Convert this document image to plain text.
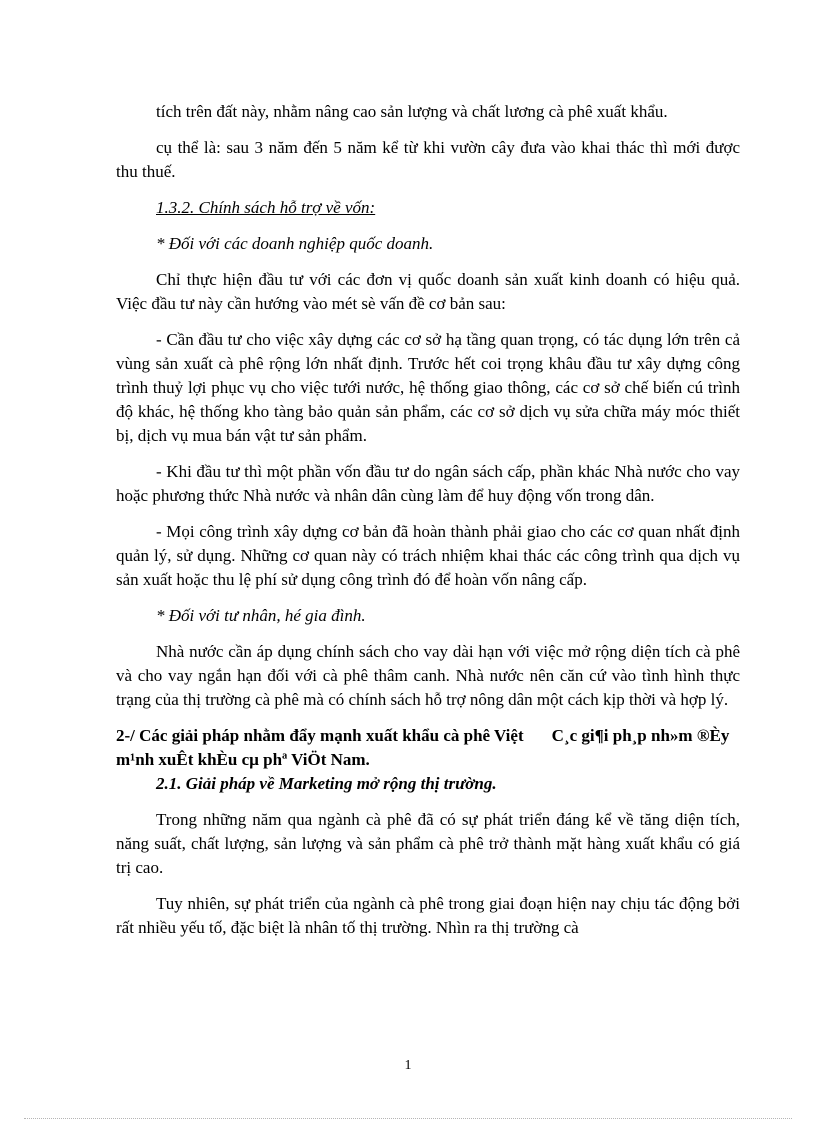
tích trên đất này, nhằm nâng cao sản lượng và chất lương cà phê xuất khẩu.

cụ thể là: sau 3 năm đến 5 năm kể từ khi vườn cây đưa vào khai thác thì mới được thu thuế.

1.3.2. Chính sách hỗ trợ về vốn:

* Đối với các doanh nghiệp quốc doanh.

Chỉ thực hiện đầu tư với các đơn vị quốc doanh sản xuất kinh doanh có hiệu quả. Việc đầu tư này cần hướng vào mét sè vấn đề cơ bản sau:

- Cần đầu tư cho việc xây dựng các cơ sở hạ tầng quan trọng, có tác dụng lớn trên cả vùng sản xuất cà phê rộng lớn nhất định. Trước hết coi trọng khâu đầu tư xây dựng công trình thuỷ lợi phục vụ cho việc tưới nước, hệ thống giao thông, các cơ sở chế biến cú trình độ khác, hệ thống kho tàng bảo quản sản phẩm, các cơ sở dịch vụ sửa chữa máy móc thiết bị, dịch vụ mua bán vật tư sản phẩm.

- Khi đầu tư thì một phần vốn đầu tư do ngân sách cấp, phần khác Nhà nước cho vay hoặc phương thức Nhà nước và nhân dân cùng làm để huy động vốn trong dân.

- Mọi công trình xây dựng cơ bản đã hoàn thành phải giao cho các cơ quan nhất định quản lý, sử dụng. Những cơ quan này có trách nhiệm khai thác các công trình qua dịch vụ sản xuất hoặc thu lệ phí sử dụng công trình đó để hoàn vốn nâng cấp.

* Đối với tư nhân, hé gia đình.

Nhà nước cần áp dụng chính sách cho vay dài hạn với việc mở rộng diện tích cà phê và cho vay ngắn hạn đối với cà phê thâm canh. Nhà nước nên căn cứ vào tình hình thực trạng của thị trường cà phê mà có chính sách hỗ trợ nông dân một cách kịp thời và hợp lý.

2-/ Các giải pháp nhằm đẩy mạnh xuất khẩu cà phê Việt C¸c gi¶i ph¸p nh»m ®Èy m¹nh xuÊt khÈu cµ phª ViÖt Nam.

2.1. Giải pháp về Marketing mở rộng thị trường.

Trong những năm qua ngành cà phê đã có sự phát triển đáng kể về tăng diện tích, năng suất, chất lượng, sản lượng và sản phẩm cà phê trở thành mặt hàng xuất khẩu có giá trị cao.

Tuy nhiên, sự phát triển của ngành cà phê trong giai đoạn hiện nay chịu tác động bởi rất nhiều yếu tố, đặc biệt là nhân tố thị trường. Nhìn ra thị trường cà

1
